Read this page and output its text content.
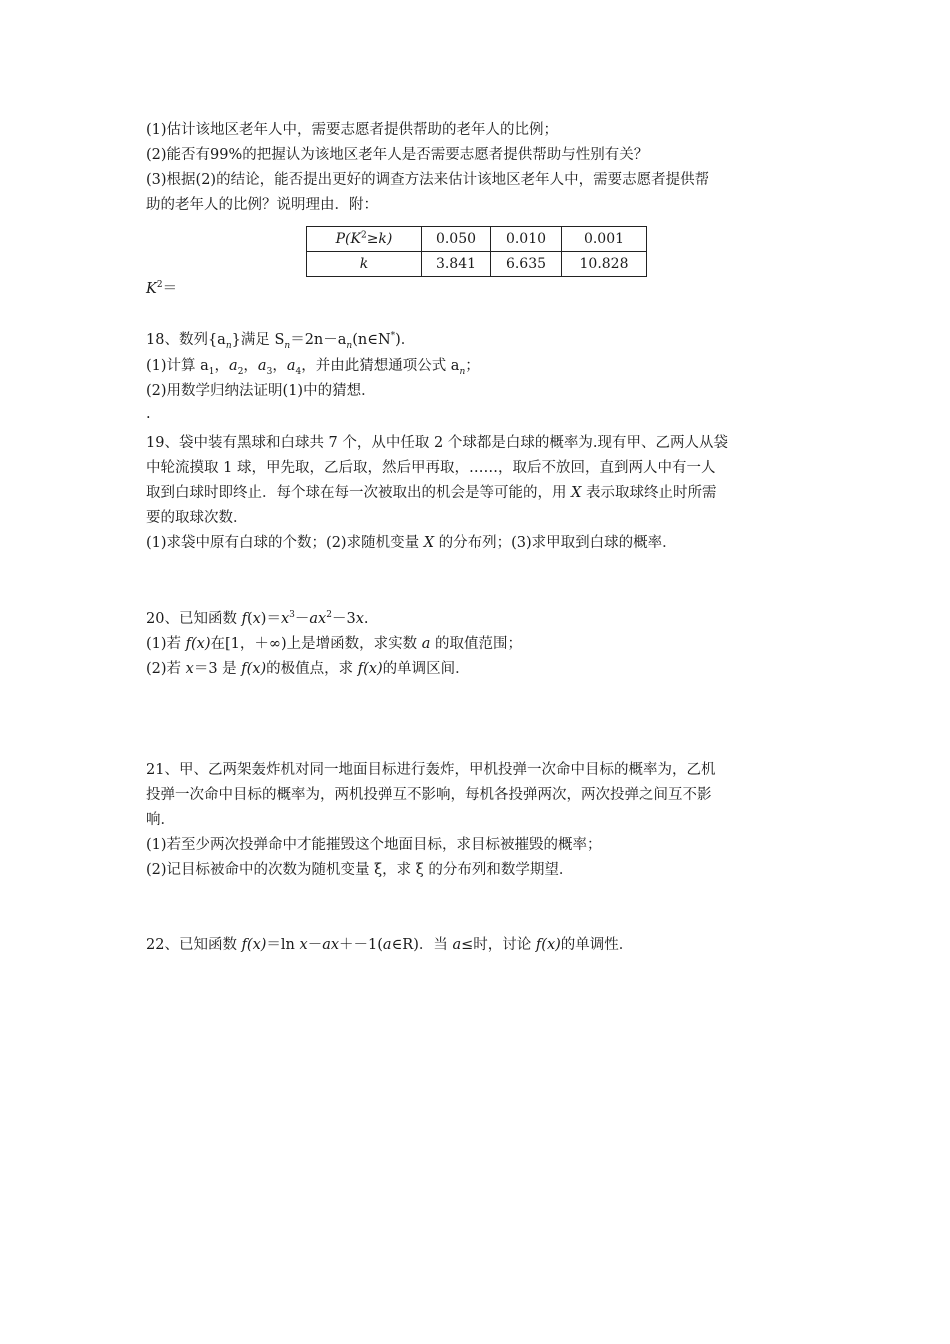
(1)估计该地区老年人中，需要志愿者提供帮助的老年人的比例；
(2)能否有99%的把握认为该地区老年人是否需要志愿者提供帮助与性别有关？
(3)根据(2)的结论，能否提出更好的调查方法来估计该地区老年人中，需要志愿者提供帮
助的老年人的比例？说明理由．附：
$P(K^2\ge k)$	0.050	0.010	0.001
k	3.841	6.635	10.828
$K^2=$
18、数列$\{a_n\}$满足 $S_n=2n-a_n(n\in N^*)$．
(1)计算 $a_1$，$a_2$，$a_3$，$a_4$，并由此猜想通项公式 $a_n$；
(2)用数学归纳法证明(1)中的猜想．
.
19、袋中装有黑球和白球共 7 个，从中任取 2 个球都是白球的概率为.现有甲、乙两人从袋
中轮流摸取 1 球，甲先取，乙后取，然后甲再取，……，取后不放回，直到两人中有一人
取到白球时即终止．每个球在每一次被取出的机会是等可能的，用 X 表示取球终止时所需
要的取球次数．
(1)求袋中原有白球的个数；(2)求随机变量 X 的分布列；(3)求甲取到白球的概率．
20、已知函数 $f(x)=x^3-ax^2-3x$.
(1)若 f(x)在[1，＋∞)上是增函数，求实数 a 的取值范围；
(2)若 x＝3 是 f(x)的极值点，求 f(x)的单调区间．
21、甲、乙两架轰炸机对同一地面目标进行轰炸，甲机投弹一次命中目标的概率为，乙机
投弹一次命中目标的概率为，两机投弹互不影响，每机各投弹两次，两次投弹之间互不影
响．
(1)若至少两次投弹命中才能摧毁这个地面目标，求目标被摧毁的概率；
(2)记目标被命中的次数为随机变量 ξ，求 ξ 的分布列和数学期望．
22、已知函数 f(x)＝ln x－ax＋－1(a∈R)．当 a≤时，讨论 f(x)的单调性．
